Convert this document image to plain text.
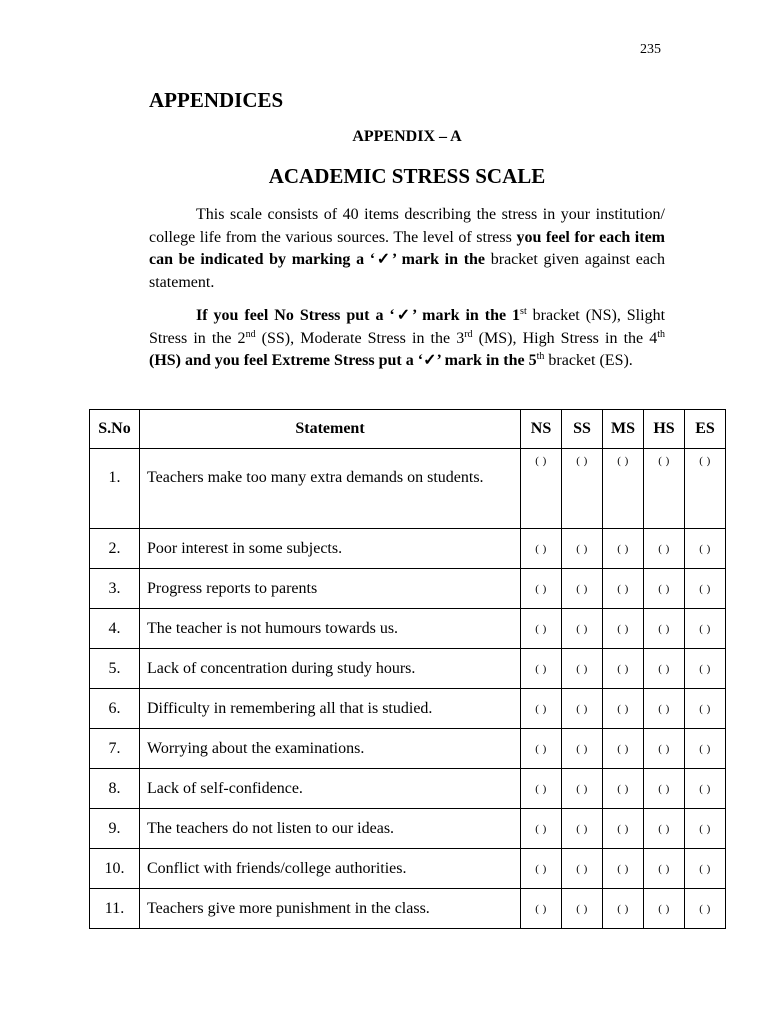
235
APPENDICES
APPENDIX – A
ACADEMIC STRESS SCALE

This scale consists of 40 items describing the stress in your institution/ college life from the various sources. The level of stress you feel for each item can be indicated by marking a ‘✓’ mark in the bracket given against each statement.

If you feel No Stress put a ‘✓’ mark in the 1st bracket (NS), Slight Stress in the 2nd (SS), Moderate Stress in the 3rd (MS), High Stress in the 4th (HS) and you feel Extreme Stress put a ‘✓’ mark in the 5th bracket (ES).

S.No	Statement	NS	SS	MS	HS	ES

1.	Teachers make too many extra demands on students.	( )	( )	( )	( )	( )

2.	Poor interest in some subjects.	( )	( )	( )	( )	( )

3.	Progress reports to parents	( )	( )	( )	( )	( )

4.	The teacher is not humours towards us.	( )	( )	( )	( )	( )

5.	Lack of concentration during study hours.	( )	( )	( )	( )	( )

6.	Difficulty in remembering all that is studied.	( )	( )	( )	( )	( )

7.	Worrying about the examinations.	( )	( )	( )	( )	( )

8.	Lack of self-confidence.	( )	( )	( )	( )	( )

9.	The teachers do not listen to our ideas.	( )	( )	( )	( )	( )

10.	Conflict with friends/college authorities.	( )	( )	( )	( )	( )

11.	Teachers give more punishment in the class.	( )	( )	( )	( )	( )
